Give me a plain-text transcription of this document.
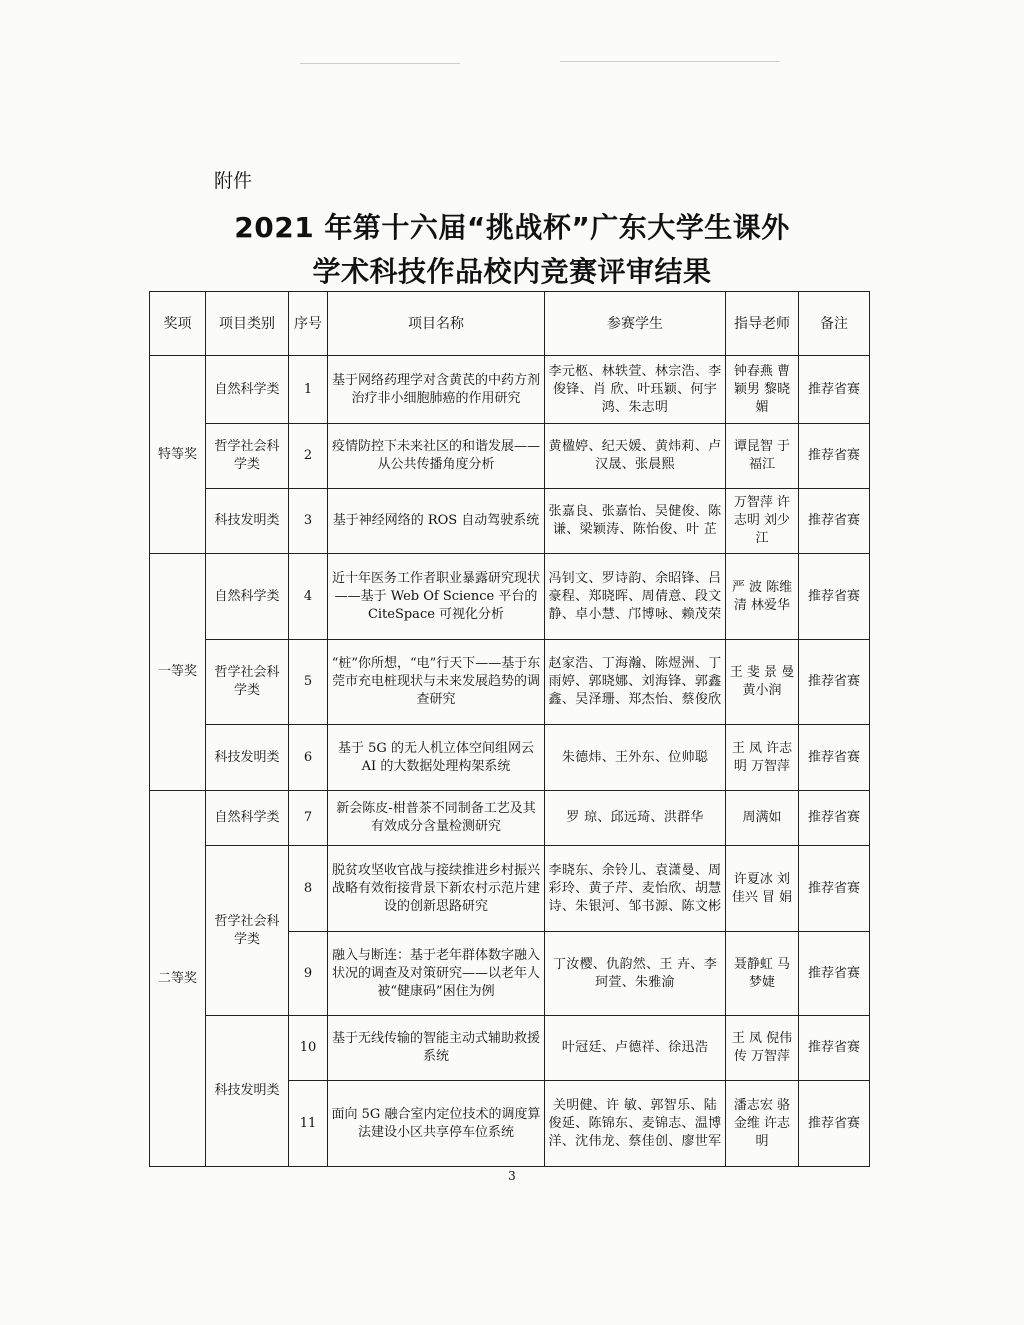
附件
2021 年第十六届“挑战杯”广东大学生课外
学术科技作品校内竞赛评审结果
奖项	项目类别	序号	项目名称	参赛学生	指导老师	备注
特等奖	自然科学类	1	基于网络药理学对含黄芪的中药方剂治疗非小细胞肺癌的作用研究	李元柩、林轶萱、林宗浩、李俊锋、肖 欣、叶珏颖、何宇鸿、朱志明	钟春燕 曹颖男 黎晓媚	推荐省赛
	哲学社会科学类	2	疫情防控下未来社区的和谐发展——从公共传播角度分析	黄楹婷、纪天媛、黄炜莉、卢汉晟、张晨熙	谭昆智 于福江	推荐省赛
	科技发明类	3	基于神经网络的 ROS 自动驾驶系统	张嘉良、张嘉怡、吴健俊、陈 谦、梁颖涛、陈怡俊、叶 芷	万智萍 许志明 刘少江	推荐省赛
一等奖	自然科学类	4	近十年医务工作者职业暴露研究现状——基于 Web Of Science 平台的 CiteSpace 可视化分析	冯钊文、罗诗韵、余昭锋、吕豪程、郑晓晖、周倩意、段文静、卓小慧、邝博咏、赖茂荣	严 波 陈维清 林爱华	推荐省赛
	哲学社会科学类	5	“桩”你所想，“电”行天下——基于东莞市充电桩现状与未来发展趋势的调查研究	赵家浩、丁海瀚、陈煜洲、丁雨婷、郭晓娜、刘海锋、郭鑫鑫、吴泽珊、郑杰怡、蔡俊欣	王 斐 景 曼 黄小润	推荐省赛
	科技发明类	6	基于 5G 的无人机立体空间组网云 AI 的大数据处理构架系统	朱德炜、王外东、位帅聪	王 凤 许志明 万智萍	推荐省赛
二等奖	自然科学类	7	新会陈皮-柑普茶不同制备工艺及其有效成分含量检测研究	罗 琼、邱远琦、洪群华	周满如	推荐省赛
	哲学社会科学类	8	脱贫攻坚收官战与接续推进乡村振兴战略有效衔接背景下新农村示范片建设的创新思路研究	李晓东、余铃儿、袁潇曼、周彩玲、黄子芹、麦怡欣、胡慧诗、朱银河、邹书源、陈文彬	许夏冰 刘佳兴 冒 娟	推荐省赛
		9	融入与断连：基于老年群体数字融入状况的调查及对策研究——以老年人被“健康码”困住为例	丁汝樱、仇韵然、王 卉、李珂萱、朱雅渝	聂静虹 马梦婕	推荐省赛
	科技发明类	10	基于无线传输的智能主动式辅助救援系统	叶冠廷、卢德祥、徐迅浩	王 凤 倪伟传 万智萍	推荐省赛
		11	面向 5G 融合室内定位技术的调度算法建设小区共享停车位系统	关明健、许 敏、郭智乐、陆俊延、陈锦东、麦锦志、温博洋、沈伟龙、蔡佳创、廖世军	潘志宏 骆金维 许志明	推荐省赛
3
